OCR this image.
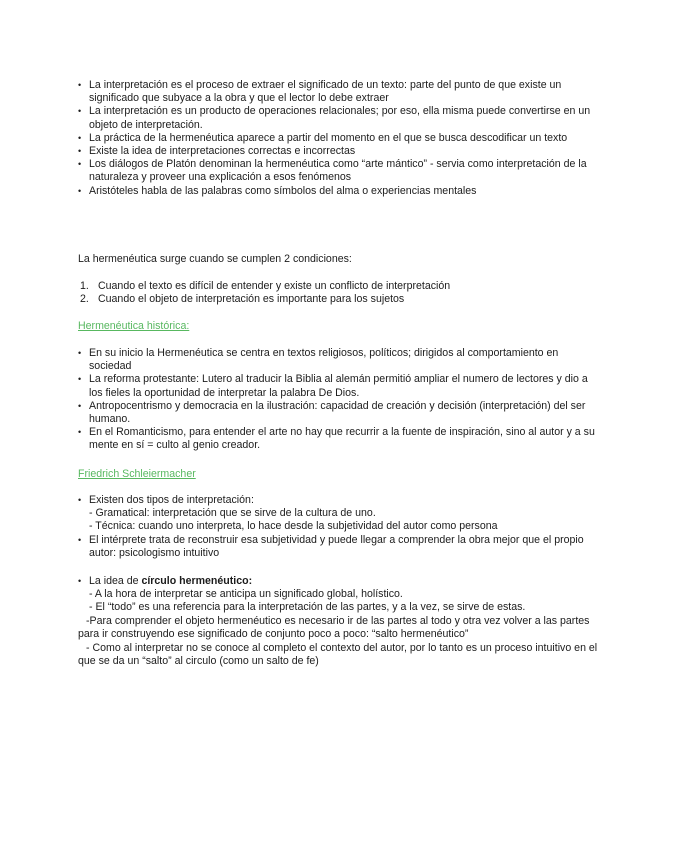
• La interpretación es el proceso de extraer el significado de un texto: parte del punto de que existe un significado que subyace a la obra y que el lector lo debe extraer
• La interpretación es un producto de operaciones relacionales; por eso, ella misma puede convertirse en un objeto de interpretación.
• La práctica de la hermenéutica aparece a partir del momento en el que se busca descodificar un texto
• Existe la idea de interpretaciones correctas e incorrectas
• Los diálogos de Platón denominan la hermenéutica como “arte mántico” - servia como interpretación de la naturaleza y proveer una explicación a esos fenómenos
• Aristóteles habla de las palabras como símbolos del alma o experiencias mentales
La hermenéutica surge cuando se cumplen 2 condiciones:
1. Cuando el texto es difícil de entender y existe un conflicto de interpretación
2. Cuando el objeto de interpretación es importante para los sujetos
Hermenéutica histórica:
• En su inicio la Hermenéutica se centra en textos religiosos, políticos; dirigidos al comportamiento en sociedad
• La reforma protestante: Lutero al traducir la Biblia al alemán permitió ampliar el numero de lectores y dio a los fieles la oportunidad de interpretar la palabra De Dios.
• Antropocentrismo y democracia en la ilustración: capacidad de creación y decisión (interpretación) del ser humano.
• En el Romanticismo, para entender el arte no hay que recurrir a la fuente de inspiración, sino al autor y a su mente en sí = culto al genio creador.
Friedrich Schleiermacher
• Existen dos tipos de interpretación:
- Gramatical: interpretación que se sirve de la cultura de uno.
- Técnica: cuando uno interpreta, lo hace desde la subjetividad del autor como persona
• El intérprete trata de reconstruir esa subjetividad y puede llegar a comprender la obra mejor que el propio autor: psicologismo intuitivo
• La idea de círculo hermenéutico:
- A la hora de interpretar se anticipa un significado global, holístico.
- El “todo” es una referencia para la interpretación de las partes, y a la vez, se sirve de estas.
-Para comprender el objeto hermenéutico es necesario ir de las partes al todo y otra vez volver a las partes para ir construyendo ese significado de conjunto poco a poco: “salto hermenéutico”
- Como al interpretar no se conoce al completo el contexto del autor, por lo tanto es un proceso intuitivo en el que se da un “salto” al circulo (como un salto de fe)
